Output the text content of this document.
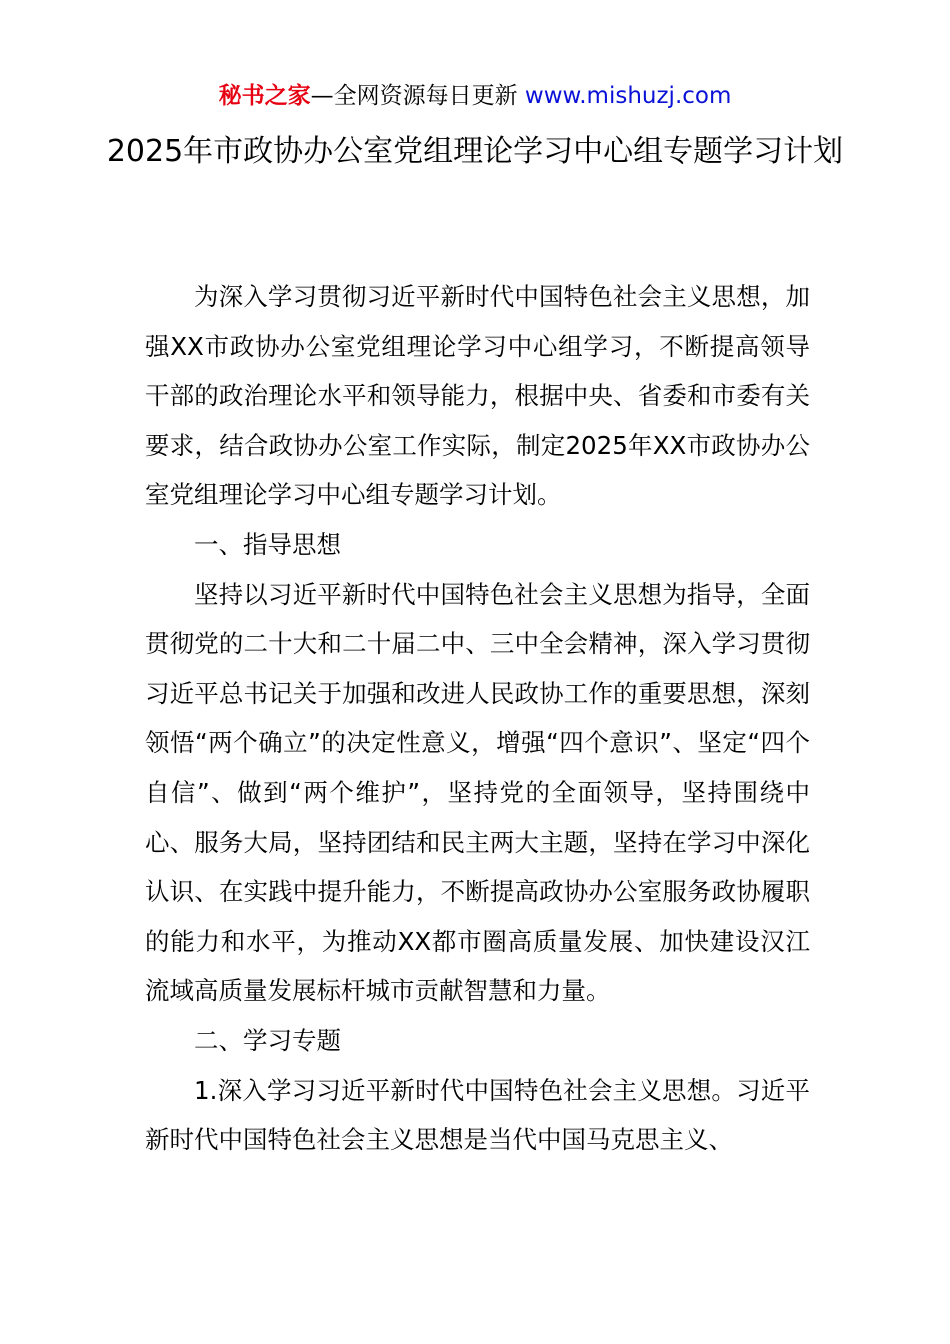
秘书之家—全网资源每日更新 www.mishuzj.com
2025年市政协办公室党组理论学习中心组专题学习计划

为深入学习贯彻习近平新时代中国特色社会主义思想，加强XX市政协办公室党组理论学习中心组学习，不断提高领导干部的政治理论水平和领导能力，根据中央、省委和市委有关要求，结合政协办公室工作实际，制定2025年XX市政协办公室党组理论学习中心组专题学习计划。

一、指导思想

坚持以习近平新时代中国特色社会主义思想为指导，全面贯彻党的二十大和二十届二中、三中全会精神，深入学习贯彻习近平总书记关于加强和改进人民政协工作的重要思想，深刻领悟“两个确立”的决定性意义，增强“四个意识”、坚定“四个自信”、做到“两个维护”，坚持党的全面领导，坚持围绕中心、服务大局，坚持团结和民主两大主题，坚持在学习中深化认识、在实践中提升能力，不断提高政协办公室服务政协履职的能力和水平，为推动XX都市圈高质量发展、加快建设汉江流域高质量发展标杆城市贡献智慧和力量。

二、学习专题

1.深入学习习近平新时代中国特色社会主义思想。习近平新时代中国特色社会主义思想是当代中国马克思主义、
